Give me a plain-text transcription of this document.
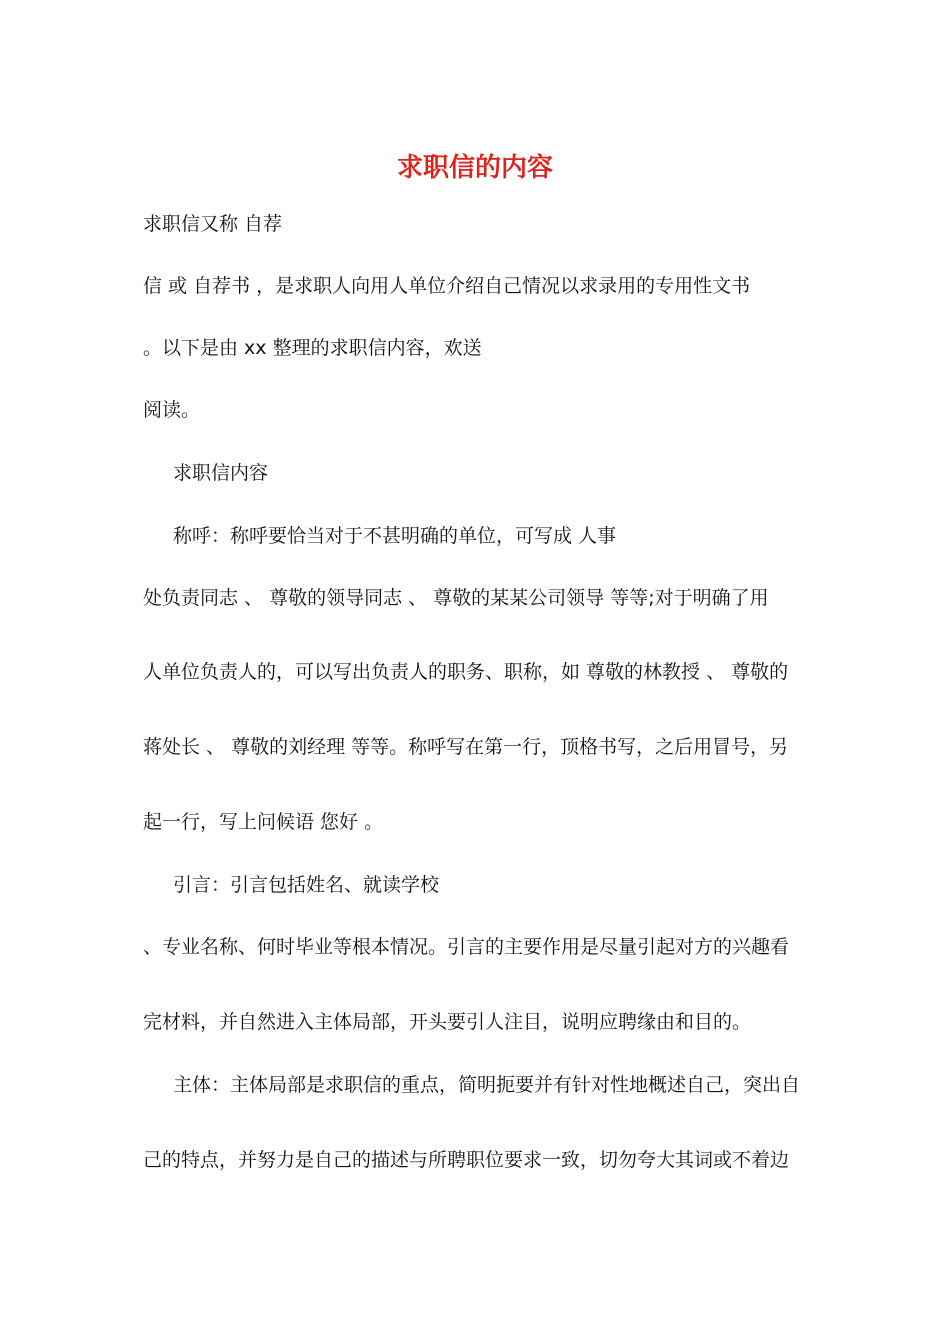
求职信的内容

求职信又称 自荐

信 或 自荐书 ，是求职人向用人单位介绍自己情况以求录用的专用性文书

。以下是由 xx 整理的求职信内容，欢送

阅读。

求职信内容

称呼：称呼要恰当对于不甚明确的单位，可写成 人事

处负责同志 、 尊敬的领导同志 、 尊敬的某某公司领导 等等;对于明确了用

人单位负责人的，可以写出负责人的职务、职称，如 尊敬的林教授 、 尊敬的

蒋处长 、 尊敬的刘经理 等等。称呼写在第一行，顶格书写，之后用冒号，另

起一行，写上问候语 您好 。

引言：引言包括姓名、就读学校

、专业名称、何时毕业等根本情况。引言的主要作用是尽量引起对方的兴趣看

完材料，并自然进入主体局部，开头要引人注目，说明应聘缘由和目的。

主体：主体局部是求职信的重点，简明扼要并有针对性地概述自己，突出自

己的特点，并努力是自己的描述与所聘职位要求一致，切勿夸大其词或不着边
